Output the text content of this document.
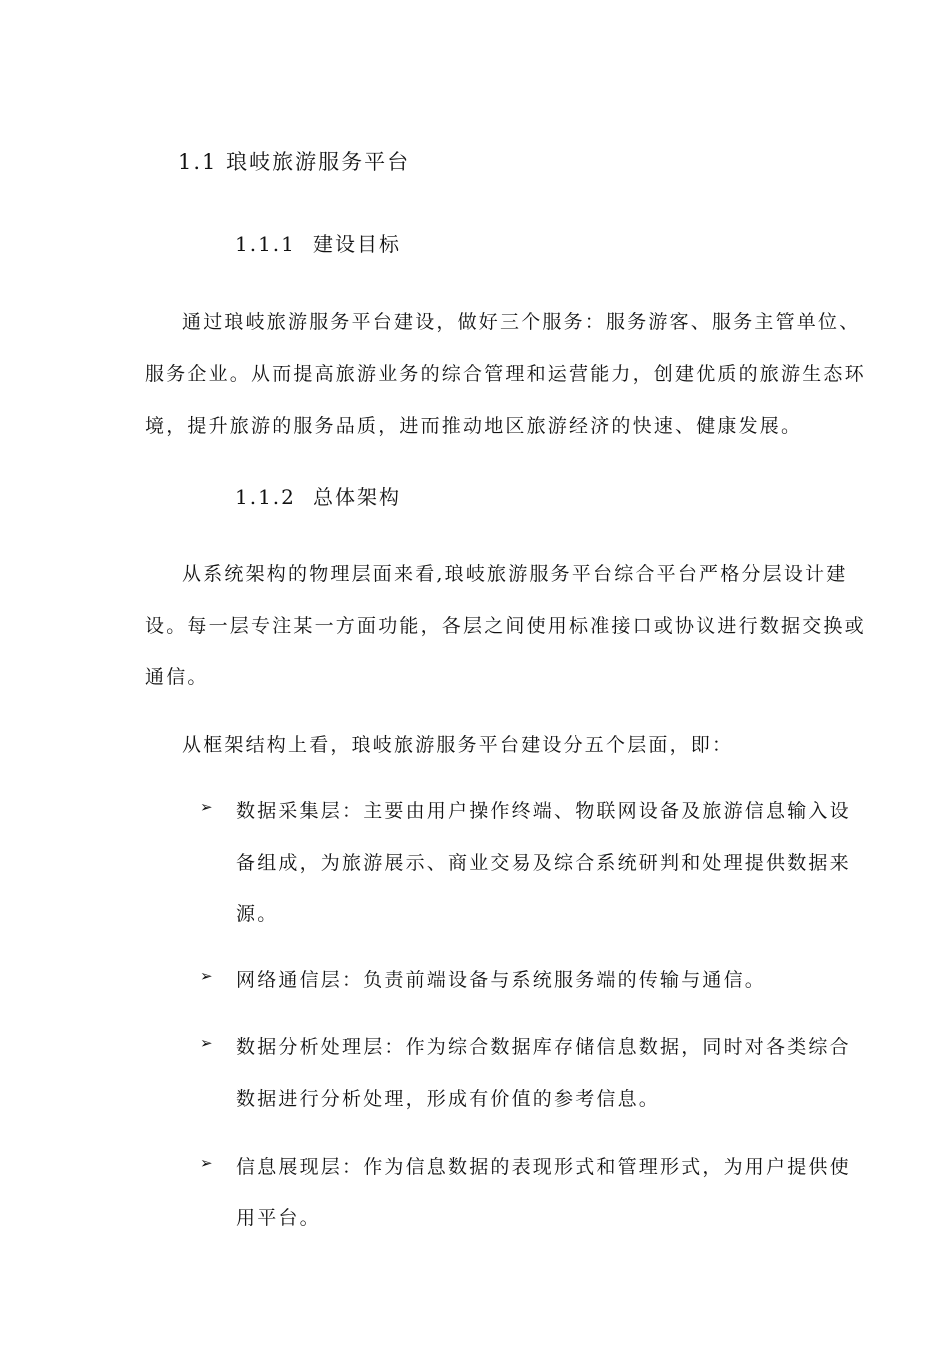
1.1 琅岐旅游服务平台
1.1.1 建设目标
通过琅岐旅游服务平台建设，做好三个服务：服务游客、服务主管单位、
服务企业。从而提高旅游业务的综合管理和运营能力，创建优质的旅游生态环
境，提升旅游的服务品质，进而推动地区旅游经济的快速、健康发展。
1.1.2 总体架构
从系统架构的物理层面来看,琅岐旅游服务平台综合平台严格分层设计建
设。每一层专注某一方面功能，各层之间使用标准接口或协议进行数据交换或
通信。
从框架结构上看，琅岐旅游服务平台建设分五个层面，即：
➢ 数据采集层：主要由用户操作终端、物联网设备及旅游信息输入设
备组成，为旅游展示、商业交易及综合系统研判和处理提供数据来
源。
➢ 网络通信层：负责前端设备与系统服务端的传输与通信。
➢ 数据分析处理层：作为综合数据库存储信息数据，同时对各类综合
数据进行分析处理，形成有价值的参考信息。
➢ 信息展现层：作为信息数据的表现形式和管理形式，为用户提供使
用平台。
